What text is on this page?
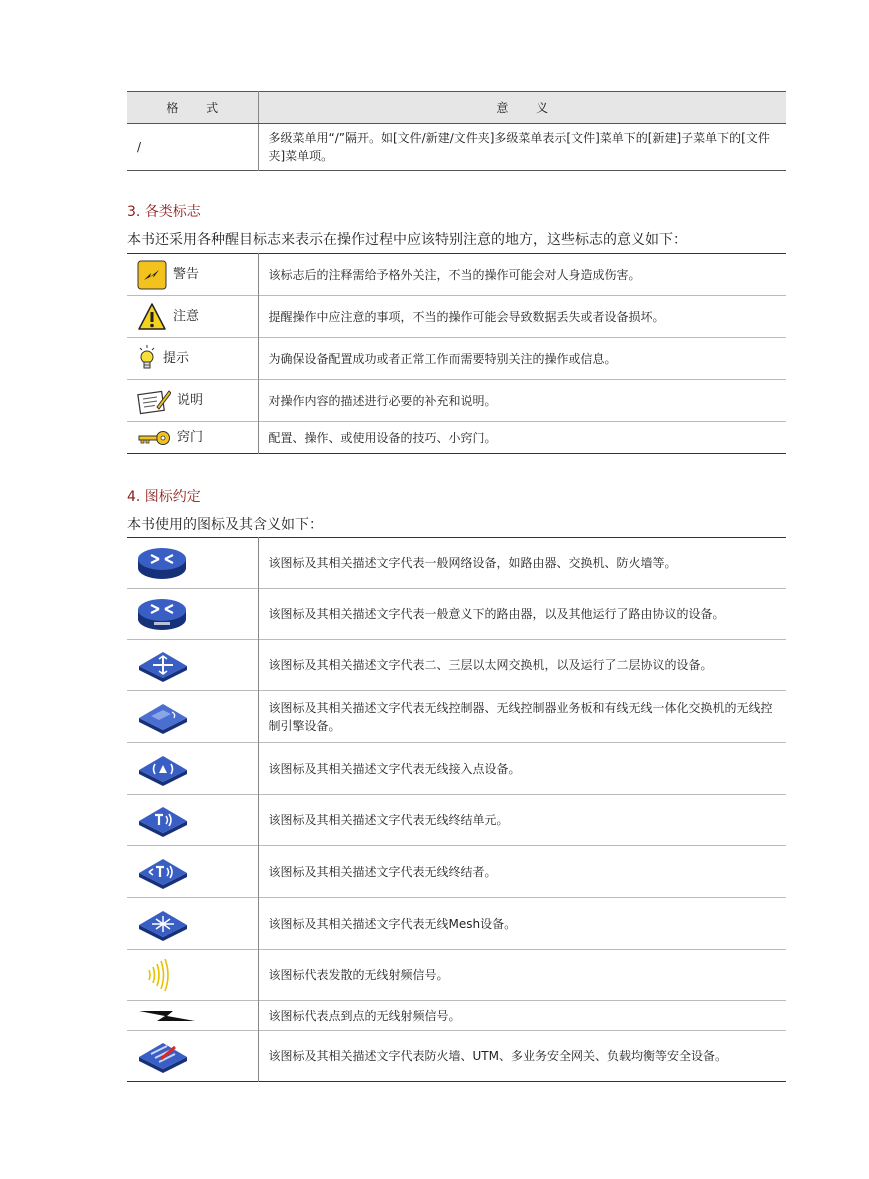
格 式	意 义
/	多级菜单用“/”隔开。如[文件/新建/文件夹]多级菜单表示[文件]菜单下的[新建]子菜单下的[文件夹]菜单项。
3. 各类标志

本书还采用各种醒目标志来表示在操作过程中应该特别注意的地方，这些标志的意义如下：

警告	该标志后的注释需给予格外关注，不当的操作可能会对人身造成伤害。

注意	提醒操作中应注意的事项，不当的操作可能会导致数据丢失或者设备损坏。

提示	为确保设备配置成功或者正常工作而需要特别关注的操作或信息。

说明	对操作内容的描述进行必要的补充和说明。

窍门	配置、操作、或使用设备的技巧、小窍门。
4. 图标约定

本书使用的图标及其含义如下：

	该图标及其相关描述文字代表一般网络设备，如路由器、交换机、防火墙等。

	该图标及其相关描述文字代表一般意义下的路由器，以及其他运行了路由协议的设备。

	该图标及其相关描述文字代表二、三层以太网交换机，以及运行了二层协议的设备。

	该图标及其相关描述文字代表无线控制器、无线控制器业务板和有线无线一体化交换机的无线控制引擎设备。

	该图标及其相关描述文字代表无线接入点设备。

	该图标及其相关描述文字代表无线终结单元。

	该图标及其相关描述文字代表无线终结者。

	该图标及其相关描述文字代表无线Mesh设备。

	该图标代表发散的无线射频信号。

	该图标代表点到点的无线射频信号。

	该图标及其相关描述文字代表防火墙、UTM、多业务安全网关、负载均衡等安全设备。
